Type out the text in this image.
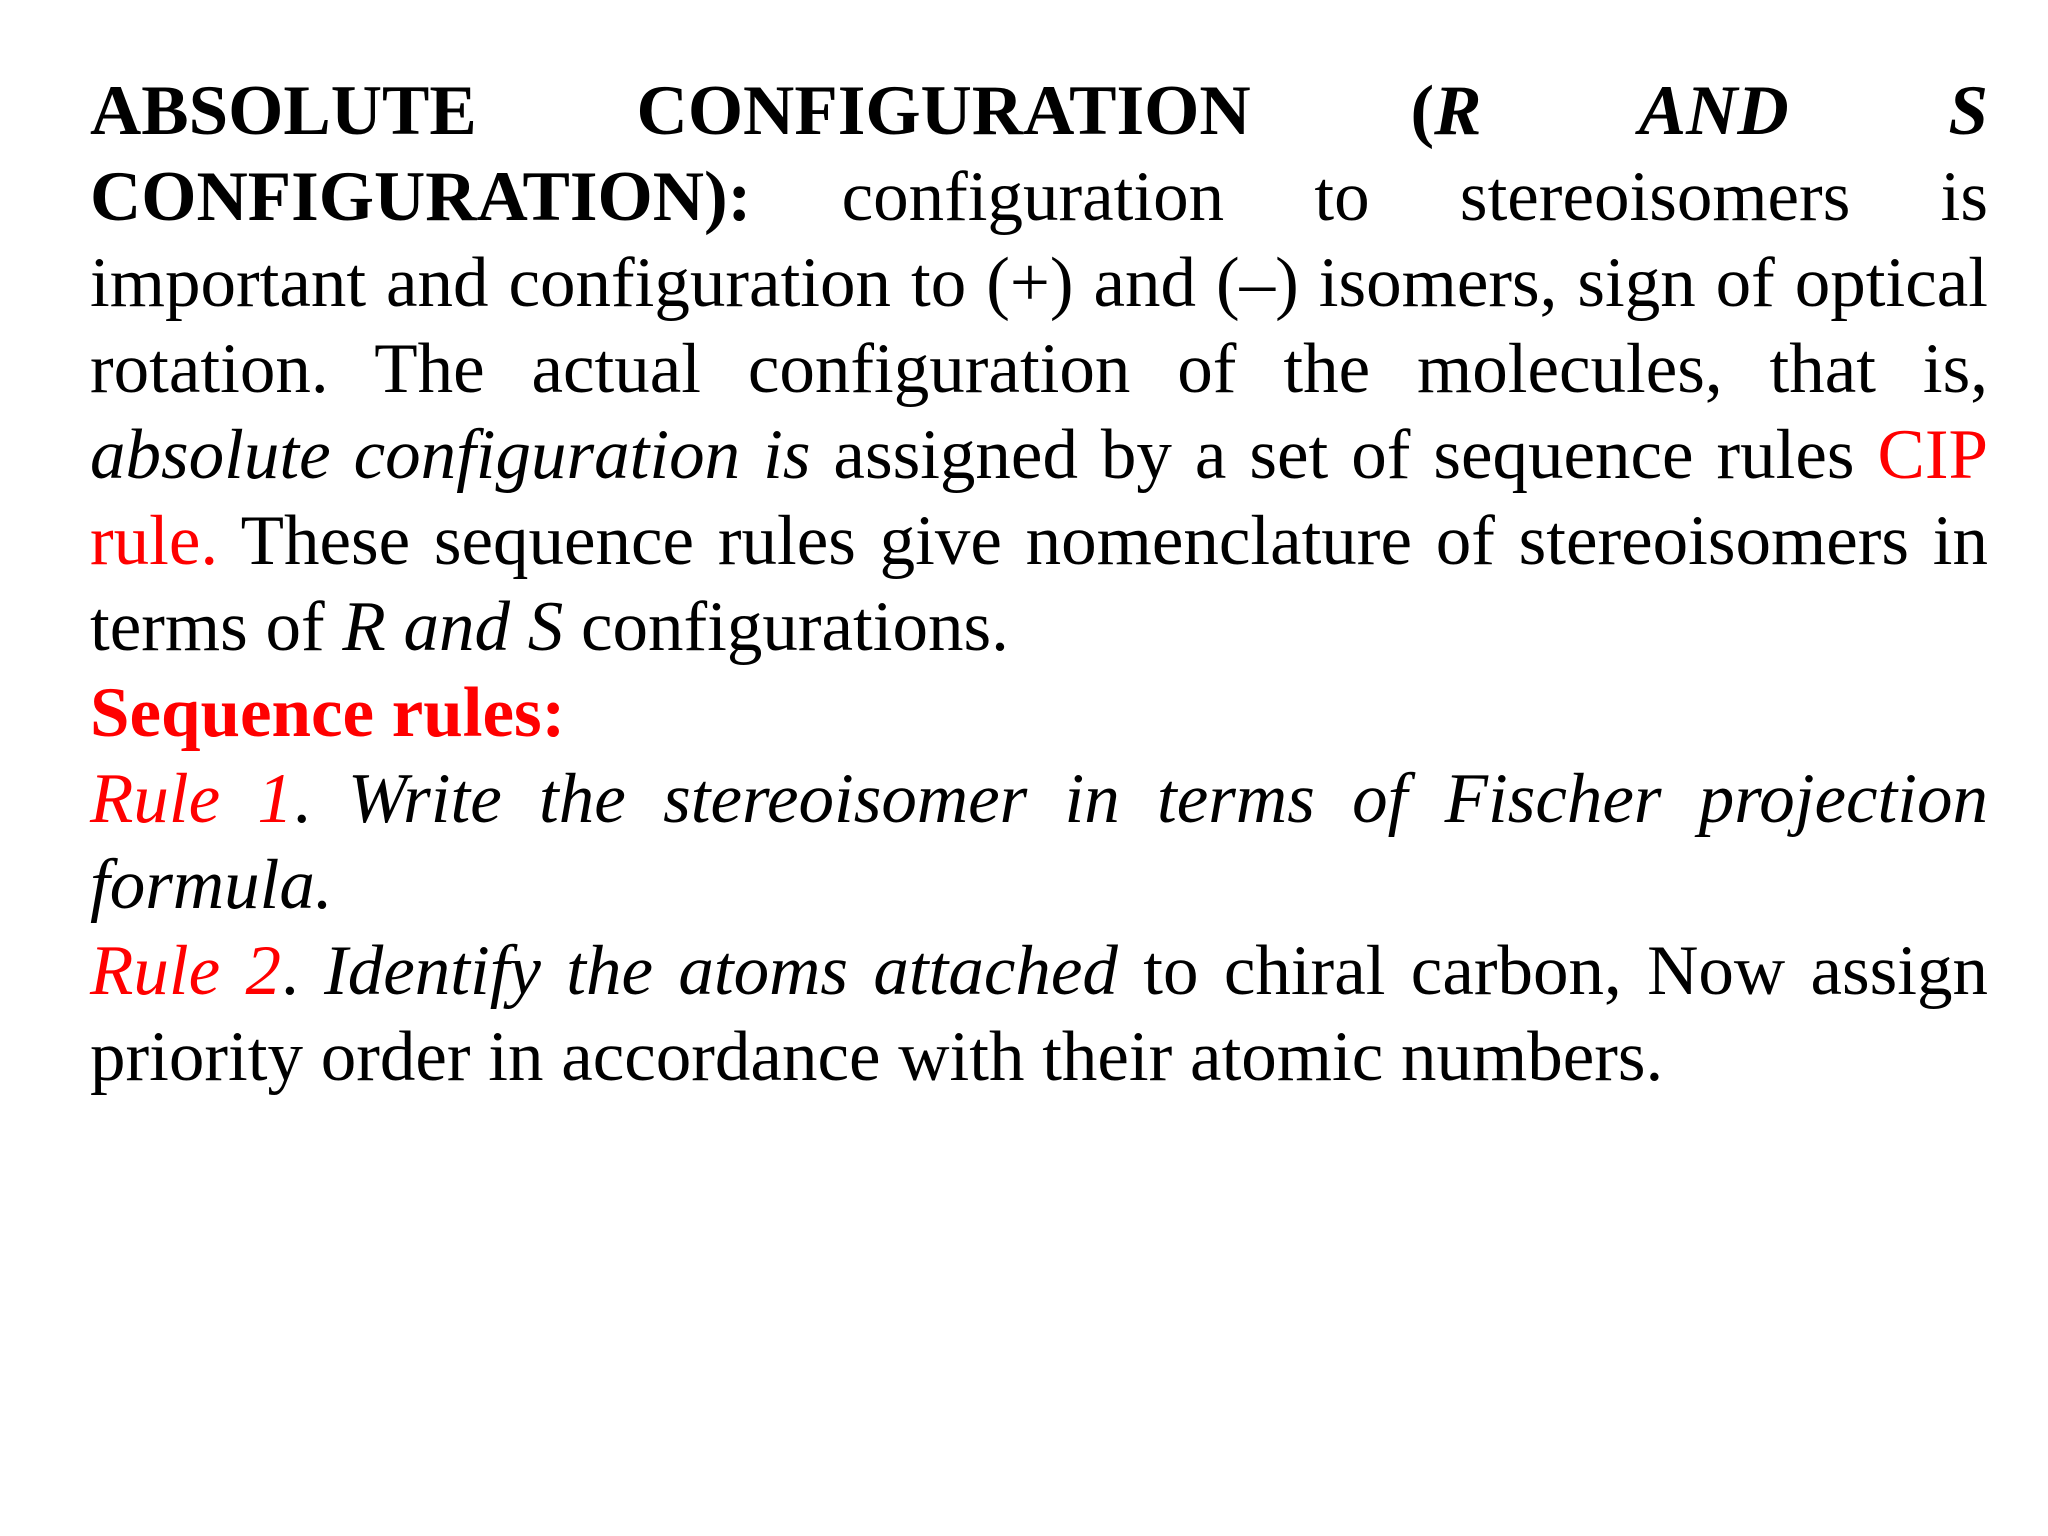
ABSOLUTE CONFIGURATION (R AND S CONFIGURATION): configuration to stereoisomers is important and configuration to (+) and (–) isomers, sign of optical rotation. The actual configuration of the molecules, that is, absolute configuration is assigned by a set of sequence rules CIP rule. These sequence rules give nomenclature of stereoisomers in terms of R and S configurations.

Sequence rules:

Rule 1. Write the stereoisomer in terms of Fischer projection formula.

Rule 2. Identify the atoms attached to chiral carbon, Now assign priority order in accordance with their atomic numbers.
